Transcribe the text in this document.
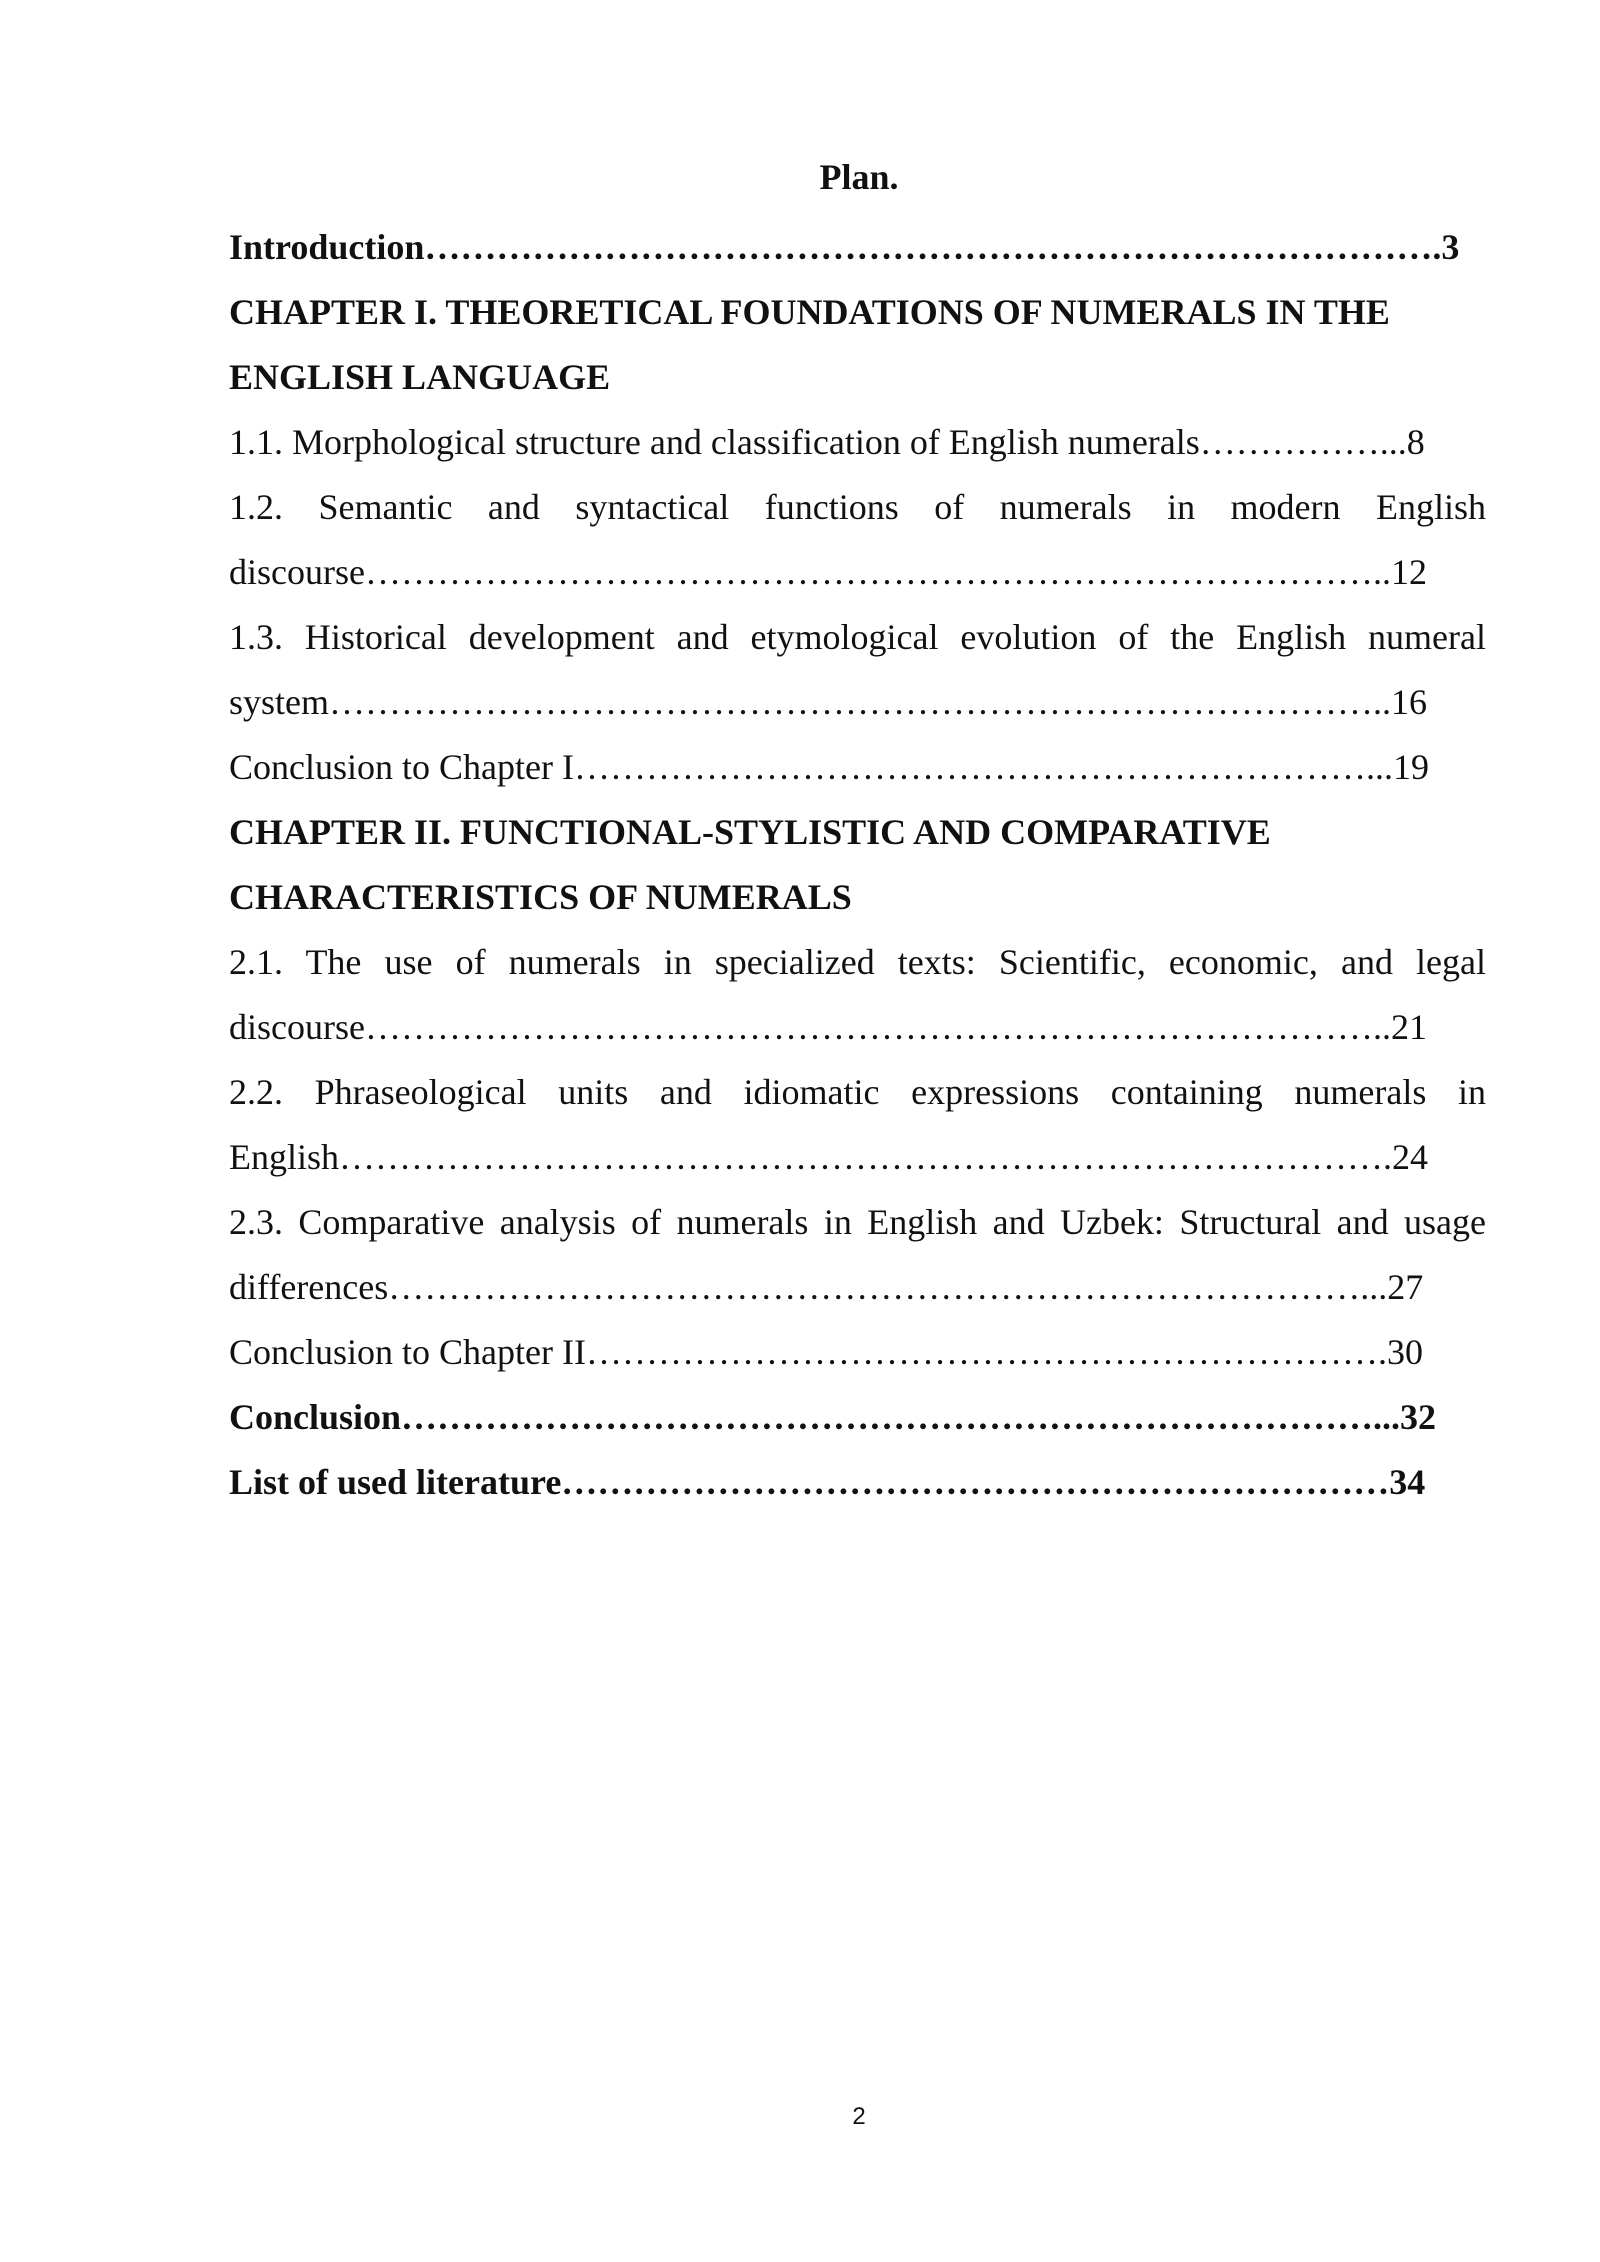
Plan.
Introduction………………………………………………………………………….3
CHAPTER I. THEORETICAL FOUNDATIONS OF NUMERALS IN THE
ENGLISH LANGUAGE
1.1. Morphological structure and classification of English numerals……………...8
1.2. Semantic and syntactical functions of numerals in modern English
discourse…………………………………………………………………………..12
1.3. Historical development and etymological evolution of the English numeral
system……………………………………………………………………………..16
Conclusion to Chapter I…………………………………………………………...19
CHAPTER II. FUNCTIONAL-STYLISTIC AND COMPARATIVE
CHARACTERISTICS OF NUMERALS
2.1. The use of numerals in specialized texts: Scientific, economic, and legal
discourse…………………………………………………………………………..21
2.2. Phraseological units and idiomatic expressions containing numerals in
English…………………………………………………………………………….24
2.3. Comparative analysis of numerals in English and Uzbek: Structural and usage
differences………………………………………………………………………...27
Conclusion to Chapter II………………………………………………………….30
Conclusion………………………………………………………………………...32
List of used literature……………………………………………………………34
2
